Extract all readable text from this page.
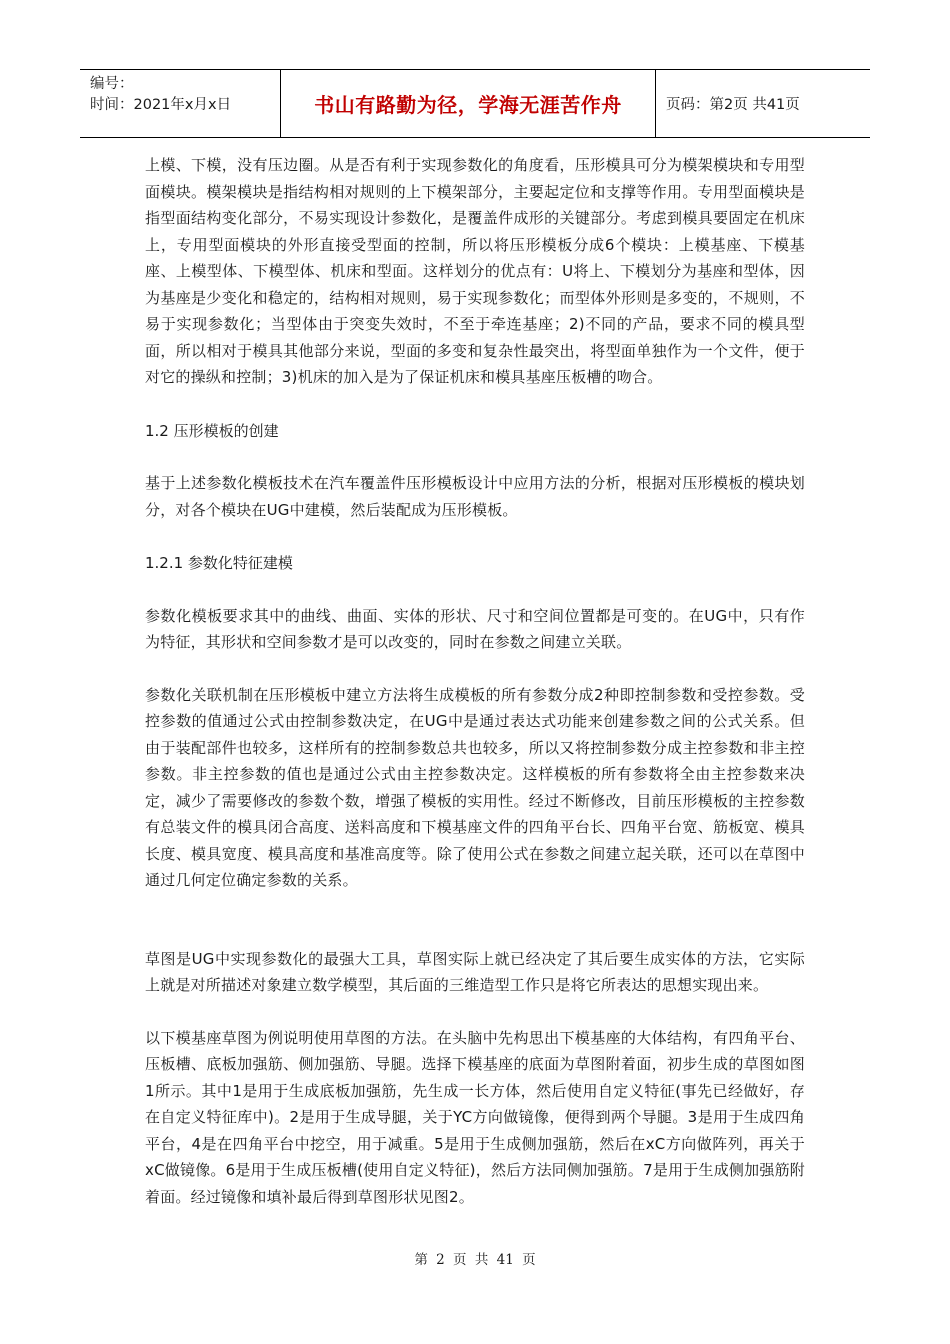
编号：
时间：2021年x月x日	书山有路勤为径，学海无涯苦作舟	页码：第2页 共41页

上模、下模，没有压边圈。从是否有利于实现参数化的角度看，压形模具可分为模架模块和专用型面模块。模架模块是指结构相对规则的上下模架部分，主要起定位和支撑等作用。专用型面模块是指型面结构变化部分，不易实现设计参数化，是覆盖件成形的关键部分。考虑到模具要固定在机床上，专用型面模块的外形直接受型面的控制，所以将压形模板分成6个模块：上模基座、下模基座、上模型体、下模型体、机床和型面。这样划分的优点有：U将上、下模划分为基座和型体，因为基座是少变化和稳定的，结构相对规则，易于实现参数化；而型体外形则是多变的，不规则，不易于实现参数化；当型体由于突变失效时，不至于牵连基座；2)不同的产品，要求不同的模具型面，所以相对于模具其他部分来说，型面的多变和复杂性最突出，将型面单独作为一个文件，便于对它的操纵和控制；3)机床的加入是为了保证机床和模具基座压板槽的吻合。

1.2 压形模板的创建

基于上述参数化模板技术在汽车覆盖件压形模板设计中应用方法的分析，根据对压形模板的模块划分，对各个模块在UG中建模，然后装配成为压形模板。

1.2.1 参数化特征建模

参数化模板要求其中的曲线、曲面、实体的形状、尺寸和空间位置都是可变的。在UG中，只有作为特征，其形状和空间参数才是可以改变的，同时在参数之间建立关联。

参数化关联机制在压形模板中建立方法将生成模板的所有参数分成2种即控制参数和受控参数。受控参数的值通过公式由控制参数决定，在UG中是通过表达式功能来创建参数之间的公式关系。但由于装配部件也较多，这样所有的控制参数总共也较多，所以又将控制参数分成主控参数和非主控参数。非主控参数的值也是通过公式由主控参数决定。这样模板的所有参数将全由主控参数来决定，减少了需要修改的参数个数，增强了模板的实用性。经过不断修改，目前压形模板的主控参数有总装文件的模具闭合高度、送料高度和下模基座文件的四角平台长、四角平台宽、筋板宽、模具长度、模具宽度、模具高度和基准高度等。除了使用公式在参数之间建立起关联，还可以在草图中通过几何定位确定参数的关系。

草图是UG中实现参数化的最强大工具，草图实际上就已经决定了其后要生成实体的方法，它实际上就是对所描述对象建立数学模型，其后面的三维造型工作只是将它所表达的思想实现出来。

以下模基座草图为例说明使用草图的方法。在头脑中先构思出下模基座的大体结构，有四角平台、压板槽、底板加强筋、侧加强筋、导腿。选择下模基座的底面为草图附着面，初步生成的草图如图1所示。其中1是用于生成底板加强筋，先生成一长方体，然后使用自定义特征(事先已经做好，存在自定义特征库中)。2是用于生成导腿，关于YC方向做镜像，便得到两个导腿。3是用于生成四角平台，4是在四角平台中挖空，用于减重。5是用于生成侧加强筋，然后在xC方向做阵列，再关于xC做镜像。6是用于生成压板槽(使用自定义特征)，然后方法同侧加强筋。7是用于生成侧加强筋附着面。经过镜像和填补最后得到草图形状见图2。

第 2 页 共 41 页
